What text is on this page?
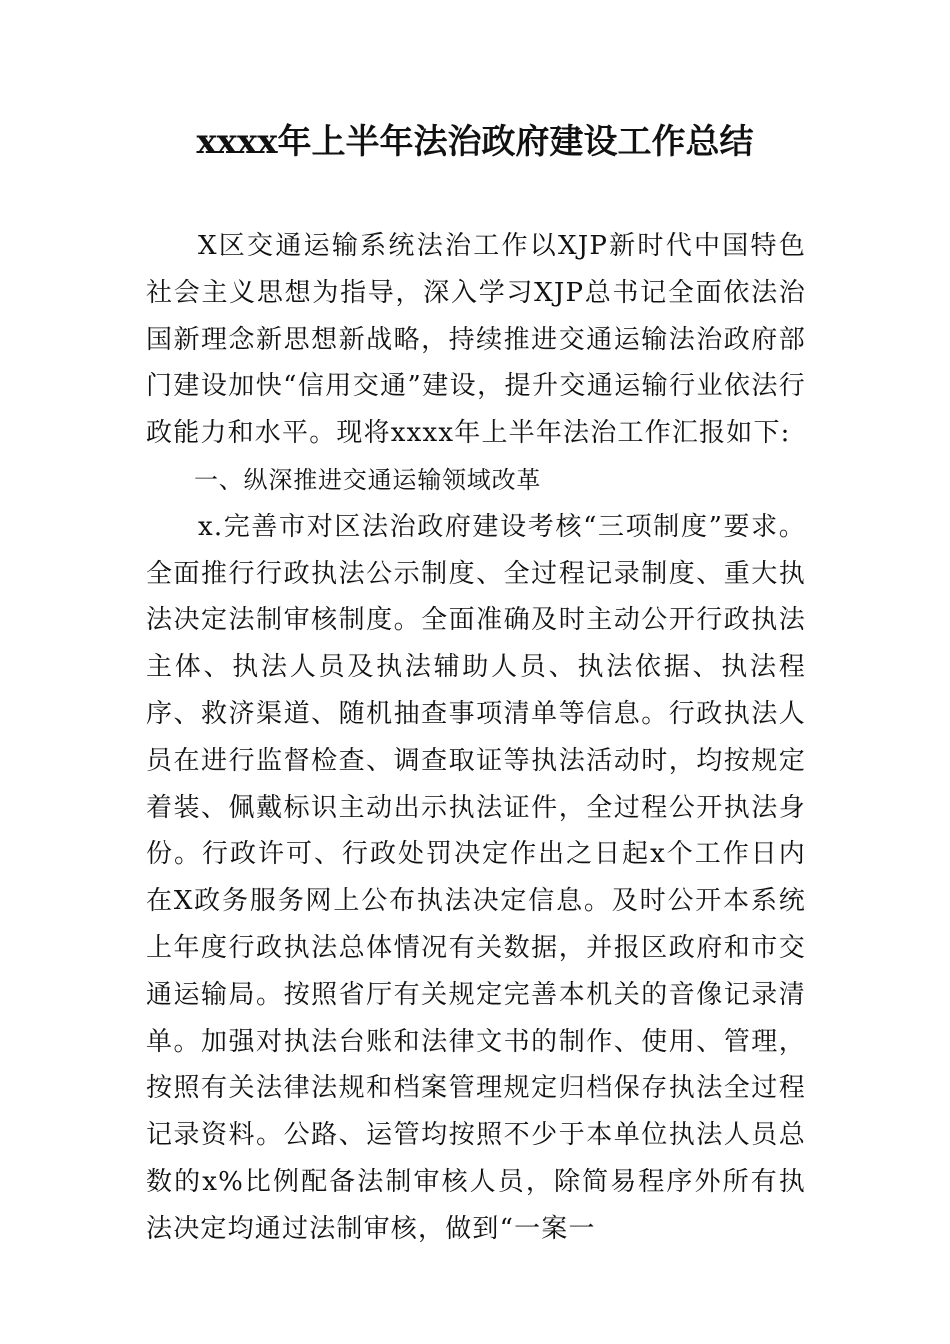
xxxx年上半年法治政府建设工作总结

X区交通运输系统法治工作以XJP新时代中国特色社会主义思想为指导，深入学习XJP总书记全面依法治国新理念新思想新战略，持续推进交通运输法治政府部门建设加快“信用交通”建设，提升交通运输行业依法行政能力和水平。现将xxxx年上半年法治工作汇报如下:

一、纵深推进交通运输领域改革

x.完善市对区法治政府建设考核“三项制度”要求。全面推行行政执法公示制度、全过程记录制度、重大执法决定法制审核制度。全面准确及时主动公开行政执法主体、执法人员及执法辅助人员、执法依据、执法程序、救济渠道、随机抽查事项清单等信息。行政执法人员在进行监督检查、调查取证等执法活动时，均按规定着装、佩戴标识主动出示执法证件，全过程公开执法身份。行政许可、行政处罚决定作出之日起x个工作日内在X政务服务网上公布执法决定信息。及时公开本系统上年度行政执法总体情况有关数据，并报区政府和市交通运输局。按照省厅有关规定完善本机关的音像记录清单。加强对执法台账和法律文书的制作、使用、管理，按照有关法律法规和档案管理规定归档保存执法全过程记录资料。公路、运管均按照不少于本单位执法人员总数的x%比例配备法制审核人员，除简易程序外所有执法决定均通过法制审核，做到“一案一
